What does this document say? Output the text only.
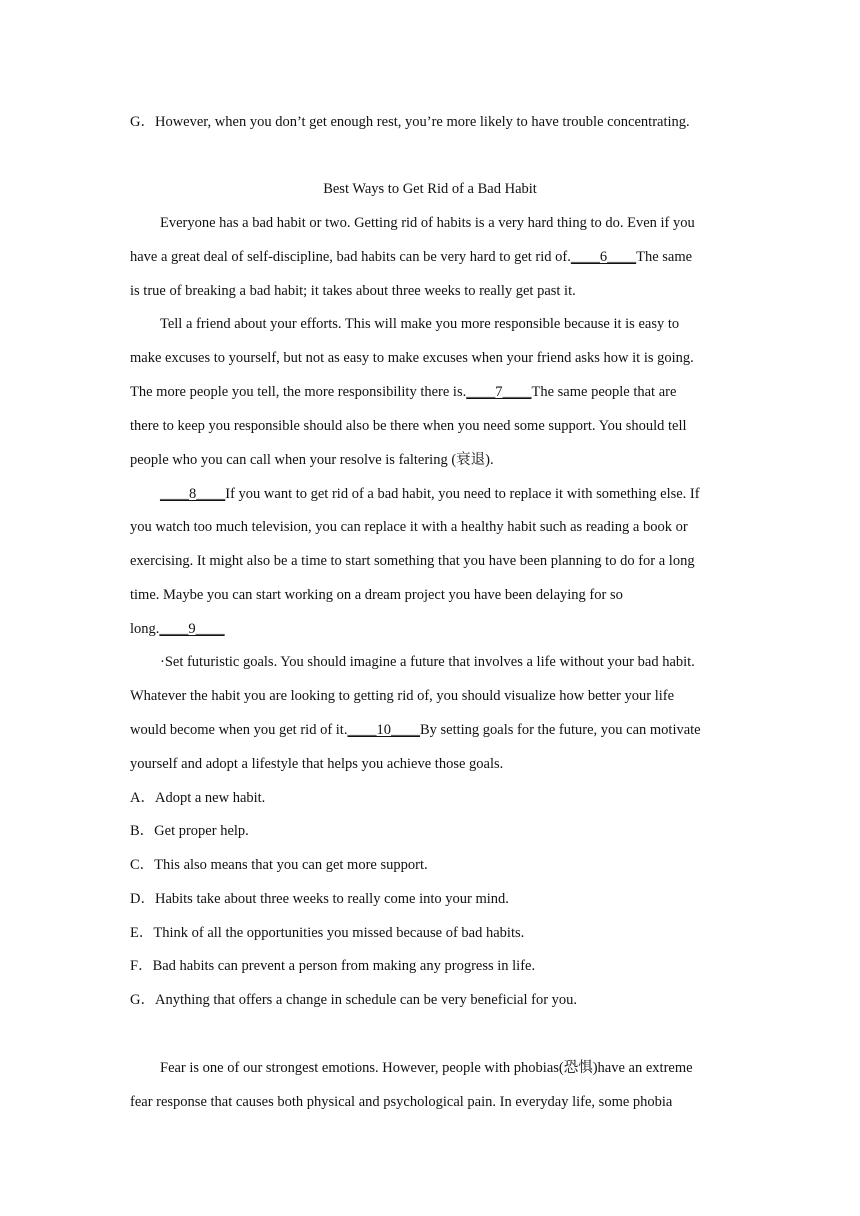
G．However, when you don’t get enough rest, you’re more likely to have trouble concentrating.
Best Ways to Get Rid of a Bad Habit
Everyone has a bad habit or two. Getting rid of habits is a very hard thing to do. Even if you
have a great deal of self-discipline, bad habits can be very hard to get rid of.____6____The same
is true of breaking a bad habit; it takes about three weeks to really get past it.
Tell a friend about your efforts. This will make you more responsible because it is easy to
make excuses to yourself, but not as easy to make excuses when your friend asks how it is going.
The more people you tell, the more responsibility there is.____7____The same people that are
there to keep you responsible should also be there when you need some support. You should tell
people who you can call when your resolve is faltering (衰退).
____8____If you want to get rid of a bad habit, you need to replace it with something else. If
you watch too much television, you can replace it with a healthy habit such as reading a book or
exercising. It might also be a time to start something that you have been planning to do for a long
time. Maybe you can start working on a dream project you have been delaying for so
long.____9____
·Set futuristic goals. You should imagine a future that involves a life without your bad habit.
Whatever the habit you are looking to getting rid of, you should visualize how better your life
would become when you get rid of it.____10____By setting goals for the future, you can motivate
yourself and adopt a lifestyle that helps you achieve those goals.
A．Adopt a new habit.
B．Get proper help.
C．This also means that you can get more support.
D．Habits take about three weeks to really come into your mind.
E．Think of all the opportunities you missed because of bad habits.
F．Bad habits can prevent a person from making any progress in life.
G．Anything that offers a change in schedule can be very beneficial for you.
Fear is one of our strongest emotions. However, people with phobias(恐惧)have an extreme
fear response that causes both physical and psychological pain. In everyday life, some phobia
